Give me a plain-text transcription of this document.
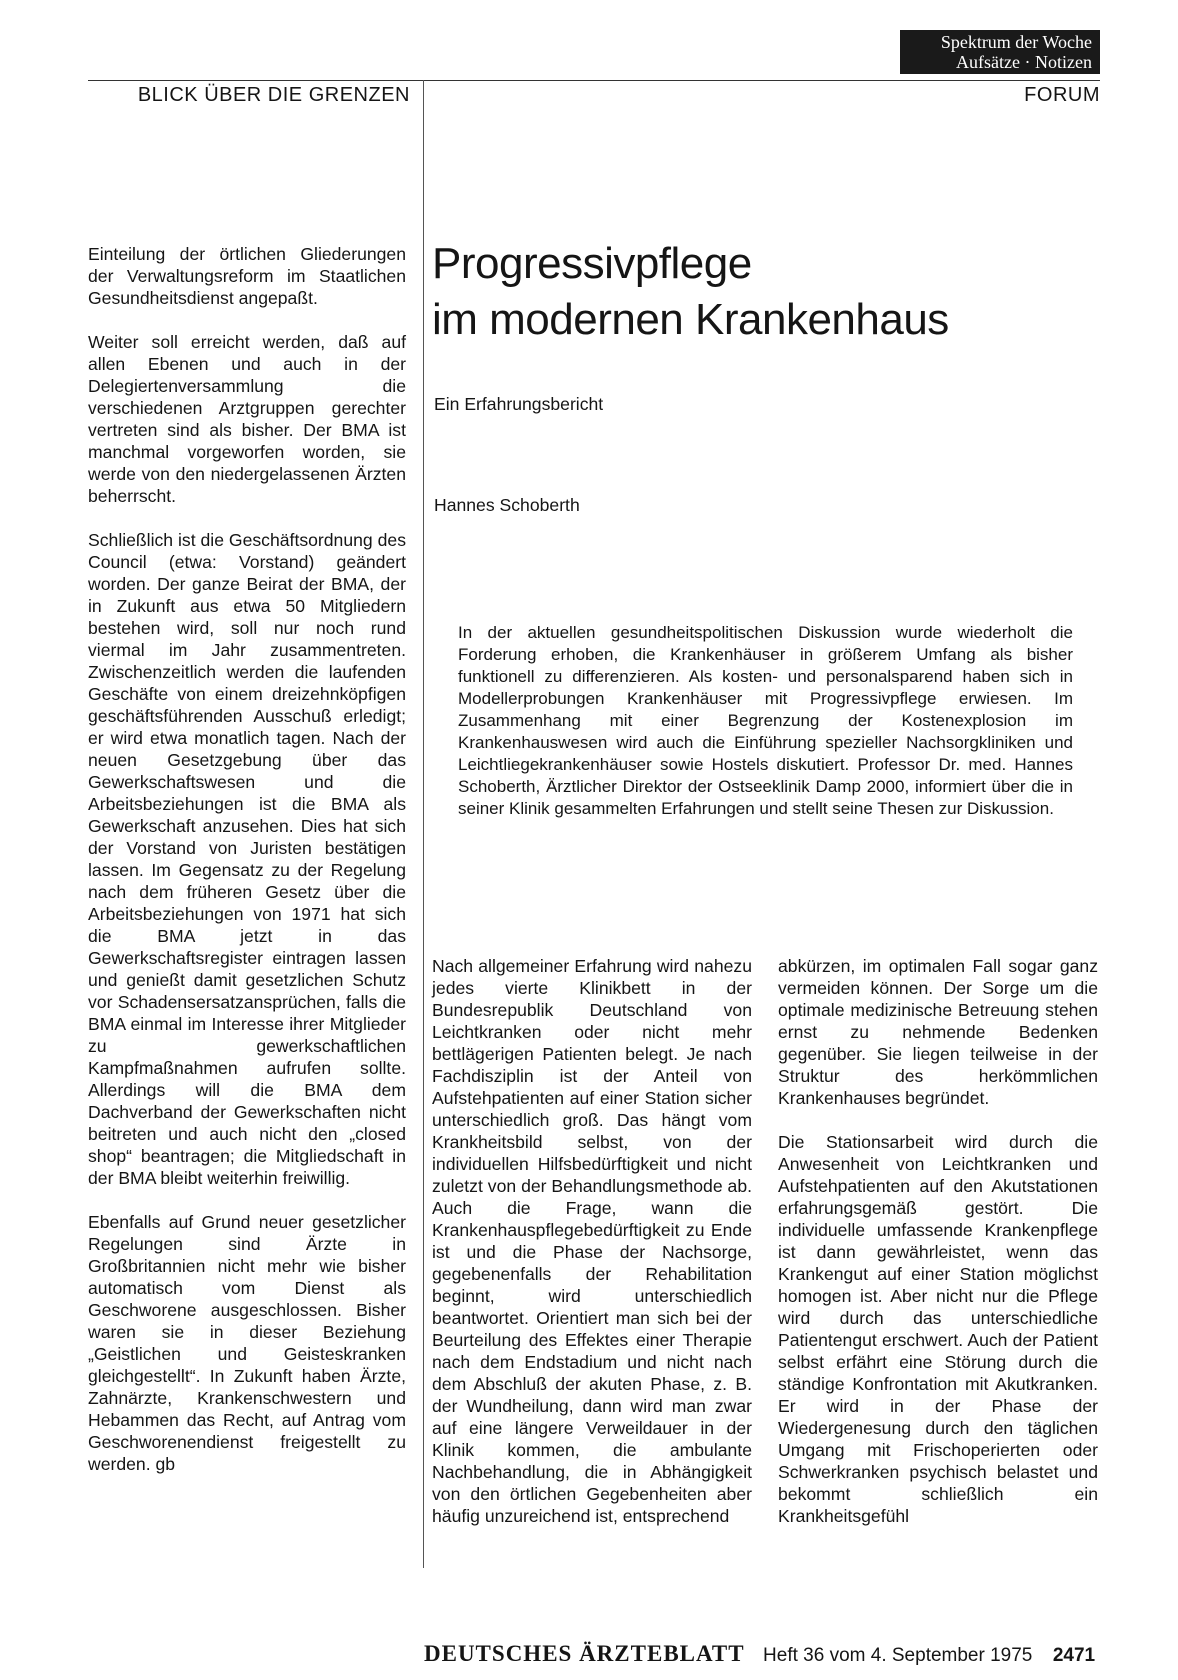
Spektrum der Woche
Aufsätze · Notizen
BLICK ÜBER DIE GRENZEN	FORUM

Einteilung der örtlichen Gliederungen der Verwaltungsreform im Staatlichen Gesundheitsdienst angepaßt.

Weiter soll erreicht werden, daß auf allen Ebenen und auch in der Delegiertenversammlung die verschiedenen Arztgruppen gerechter vertreten sind als bisher. Der BMA ist manchmal vorgeworfen worden, sie werde von den niedergelassenen Ärzten beherrscht.

Schließlich ist die Geschäftsordnung des Council (etwa: Vorstand) geändert worden. Der ganze Beirat der BMA, der in Zukunft aus etwa 50 Mitgliedern bestehen wird, soll nur noch rund viermal im Jahr zusammentreten. Zwischenzeitlich werden die laufenden Geschäfte von einem dreizehnköpfigen geschäftsführenden Ausschuß erledigt; er wird etwa monatlich tagen. Nach der neuen Gesetzgebung über das Gewerkschaftswesen und die Arbeitsbeziehungen ist die BMA als Gewerkschaft anzusehen. Dies hat sich der Vorstand von Juristen bestätigen lassen. Im Gegensatz zu der Regelung nach dem früheren Gesetz über die Arbeitsbeziehungen von 1971 hat sich die BMA jetzt in das Gewerkschaftsregister eintragen lassen und genießt damit gesetzlichen Schutz vor Schadensersatzansprüchen, falls die BMA einmal im Interesse ihrer Mitglieder zu gewerkschaftlichen Kampfmaßnahmen aufrufen sollte. Allerdings will die BMA dem Dachverband der Gewerkschaften nicht beitreten und auch nicht den „closed shop“ beantragen; die Mitgliedschaft in der BMA bleibt weiterhin freiwillig.

Ebenfalls auf Grund neuer gesetzlicher Regelungen sind Ärzte in Großbritannien nicht mehr wie bisher automatisch vom Dienst als Geschworene ausgeschlossen. Bisher waren sie in dieser Beziehung „Geistlichen und Geisteskranken gleichgestellt“. In Zukunft haben Ärzte, Zahnärzte, Krankenschwestern und Hebammen das Recht, auf Antrag vom Geschworenendienst freigestellt zu werden. gb

Progressivpflege
im modernen Krankenhaus
Ein Erfahrungsbericht
Hannes Schoberth
In der aktuellen gesundheitspolitischen Diskussion wurde wiederholt die Forderung erhoben, die Krankenhäuser in größerem Umfang als bisher funktionell zu differenzieren. Als kosten- und personalsparend haben sich in Modellerprobungen Krankenhäuser mit Progressivpflege erwiesen. Im Zusammenhang mit einer Begrenzung der Kostenexplosion im Krankenhauswesen wird auch die Einführung spezieller Nachsorgkliniken und Leichtliegekrankenhäuser sowie Hostels diskutiert. Professor Dr. med. Hannes Schoberth, Ärztlicher Direktor der Ostseeklinik Damp 2000, informiert über die in seiner Klinik gesammelten Erfahrungen und stellt seine Thesen zur Diskussion.

Nach allgemeiner Erfahrung wird nahezu jedes vierte Klinikbett in der Bundesrepublik Deutschland von Leichtkranken oder nicht mehr bettlägerigen Patienten belegt. Je nach Fachdisziplin ist der Anteil von Aufstehpatienten auf einer Station sicher unterschiedlich groß. Das hängt vom Krankheitsbild selbst, von der individuellen Hilfsbedürftigkeit und nicht zuletzt von der Behandlungsmethode ab. Auch die Frage, wann die Krankenhauspflegebedürftigkeit zu Ende ist und die Phase der Nachsorge, gegebenenfalls der Rehabilitation beginnt, wird unterschiedlich beantwortet. Orientiert man sich bei der Beurteilung des Effektes einer Therapie nach dem Endstadium und nicht nach dem Abschluß der akuten Phase, z. B. der Wundheilung, dann wird man zwar auf eine längere Verweildauer in der Klinik kommen, die ambulante Nachbehandlung, die in Abhängigkeit von den örtlichen Gegebenheiten aber häufig unzureichend ist, entsprechend

abkürzen, im optimalen Fall sogar ganz vermeiden können. Der Sorge um die optimale medizinische Betreuung stehen ernst zu nehmende Bedenken gegenüber. Sie liegen teilweise in der Struktur des herkömmlichen Krankenhauses begründet.

Die Stationsarbeit wird durch die Anwesenheit von Leichtkranken und Aufstehpatienten auf den Akutstationen erfahrungsgemäß gestört. Die individuelle umfassende Krankenpflege ist dann gewährleistet, wenn das Krankengut auf einer Station möglichst homogen ist. Aber nicht nur die Pflege wird durch das unterschiedliche Patientengut erschwert. Auch der Patient selbst erfährt eine Störung durch die ständige Konfrontation mit Akutkranken. Er wird in der Phase der Wiedergenesung durch den täglichen Umgang mit Frischoperierten oder Schwerkranken psychisch belastet und bekommt schließlich ein Krankheitsgefühl

DEUTSCHES ÄRZTEBLATT Heft 36 vom 4. September 1975 2471
